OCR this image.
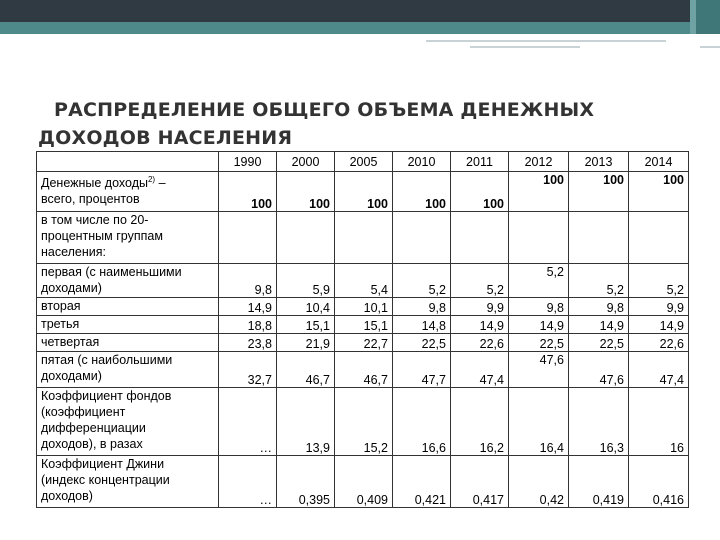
РАСПРЕДЕЛЕНИЕ ОБЩЕГО ОБЪЕМА ДЕНЕЖНЫХ
ДОХОДОВ НАСЕЛЕНИЯ
	1990	2000	2005	2010	2011	2012	2013	2014
Денежные доходы$^{2)}$ –
всего, процентов	100	100	100	100	100	100	100	100
в том числе по 20-
процентным группам
населения:								
первая (с наименьшими
доходами)	9,8	5,9	5,4	5,2	5,2	5,2	5,2	5,2
вторая	14,9	10,4	10,1	9,8	9,9	9,8	9,8	9,9
третья	18,8	15,1	15,1	14,8	14,9	14,9	14,9	14,9
четвертая	23,8	21,9	22,7	22,5	22,6	22,5	22,5	22,6
пятая (с наибольшими
доходами)	32,7	46,7	46,7	47,7	47,4	47,6	47,6	47,4
Коэффициент фондов
(коэффициент
дифференциации
доходов), в разах	…	13,9	15,2	16,6	16,2	16,4	16,3	16
Коэффициент Джини
(индекс концентрации
доходов)	…	0,395	0,409	0,421	0,417	0,42	0,419	0,416
